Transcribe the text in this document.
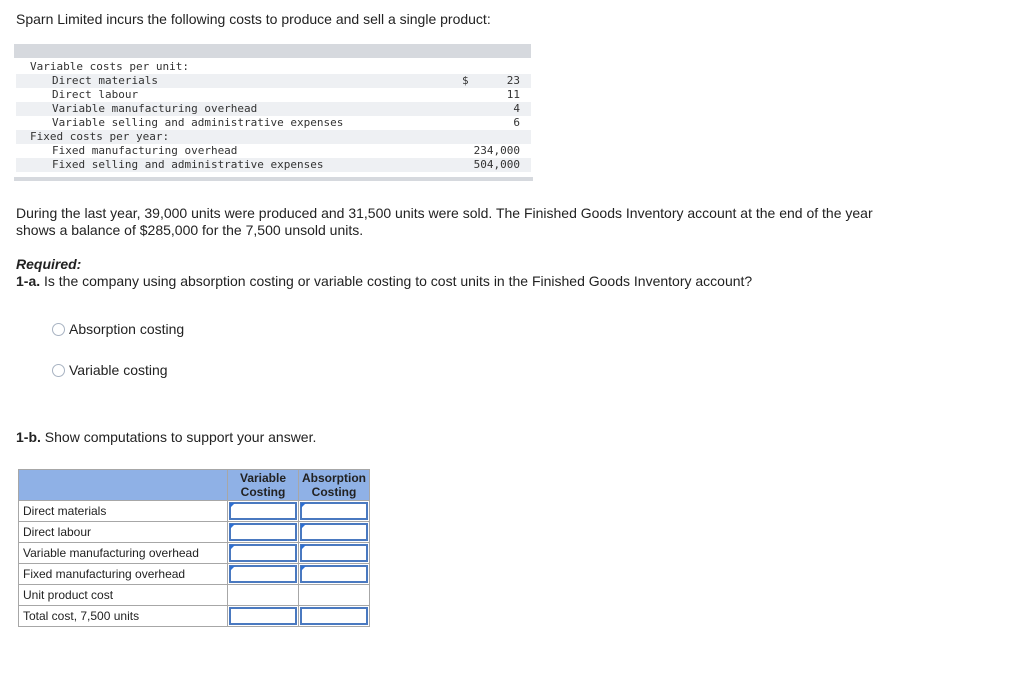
Sparn Limited incurs the following costs to produce and sell a single product:
Variable costs per unit:
Direct materials	$	23
Direct labour	11
Variable manufacturing overhead	4
Variable selling and administrative expenses	6
Fixed costs per year:
Fixed manufacturing overhead	234,000
Fixed selling and administrative expenses	504,000
During the last year, 39,000 units were produced and 31,500 units were sold. The Finished Goods Inventory account at the end of the year shows a balance of $285,000 for the 7,500 unsold units.
Required:
1-a. Is the company using absorption costing or variable costing to cost units in the Finished Goods Inventory account?
Absorption costing
Variable costing
1-b. Show computations to support your answer.
	Variable Costing	Absorption Costing
Direct materials	

Direct labour	

Variable manufacturing overhead	

Fixed manufacturing overhead	

Unit product cost	

Total cost, 7,500 units	
